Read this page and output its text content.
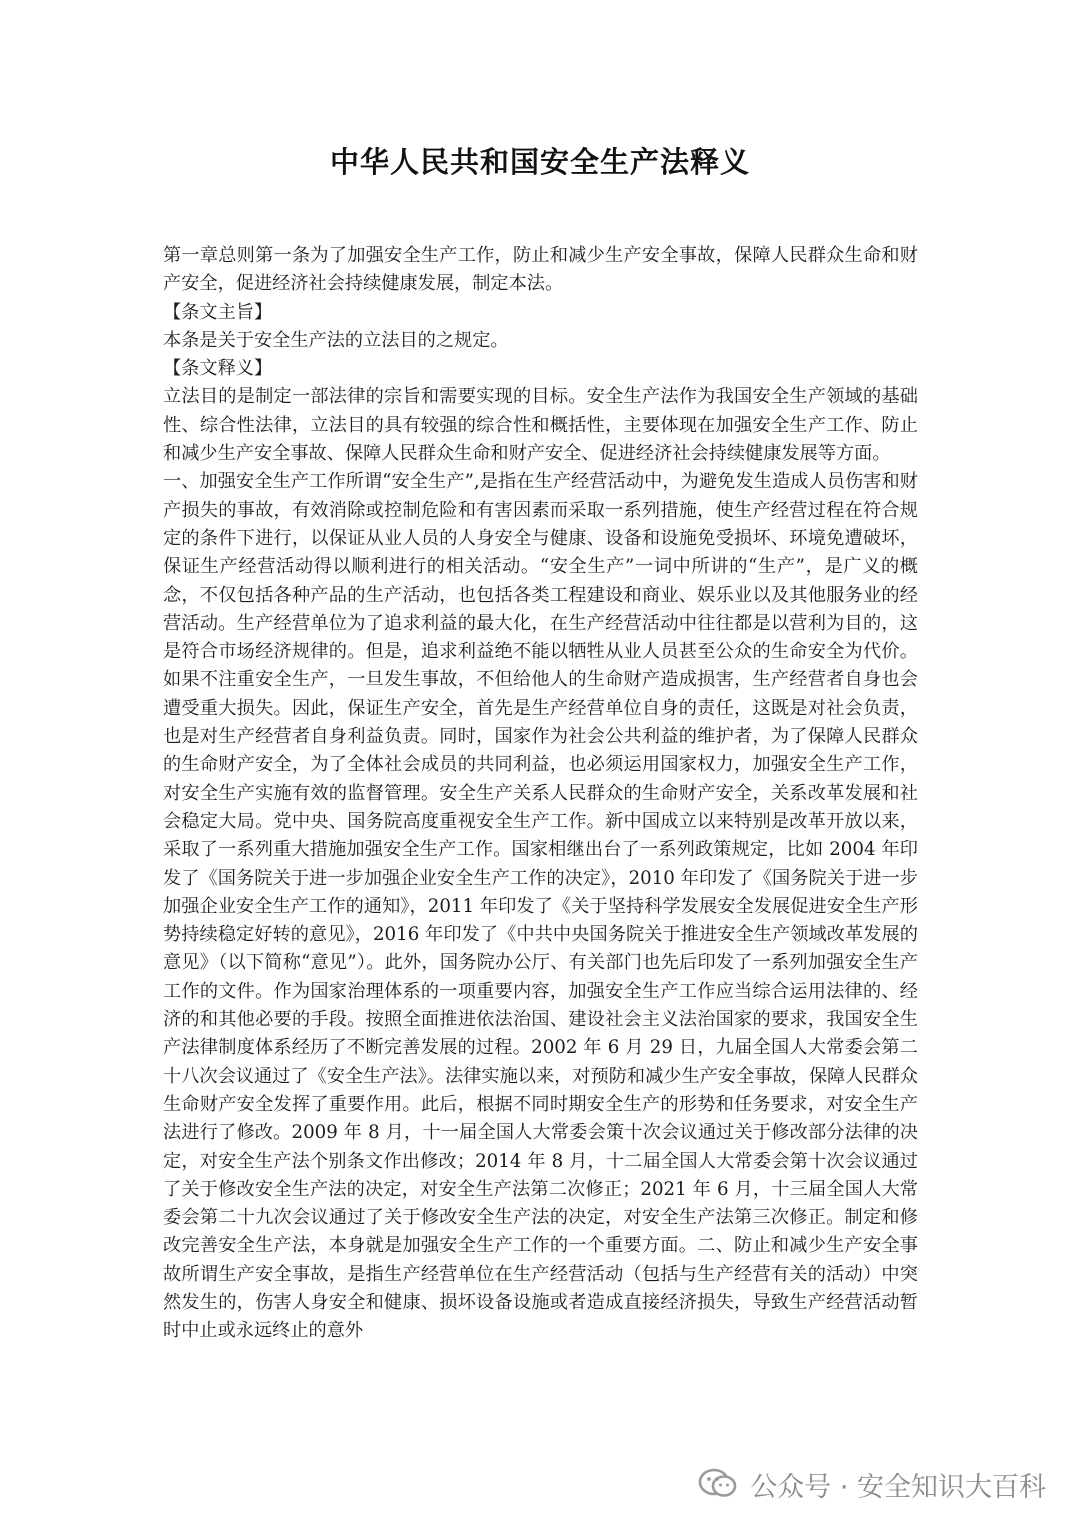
中华人民共和国安全生产法释义

第一章总则第一条为了加强安全生产工作，防止和减少生产安全事故，保障人民群众生命和财产安全，促进经济社会持续健康发展，制定本法。

【条文主旨】

本条是关于安全生产法的立法目的之规定。

【条文释义】

立法目的是制定一部法律的宗旨和需要实现的目标。安全生产法作为我国安全生产领域的基础性、综合性法律，立法目的具有较强的综合性和概括性，主要体现在加强安全生产工作、防止和减少生产安全事故、保障人民群众生命和财产安全、促进经济社会持续健康发展等方面。

一、加强安全生产工作所谓“安全生产”,是指在生产经营活动中，为避免发生造成人员伤害和财产损失的事故，有效消除或控制危险和有害因素而采取一系列措施，使生产经营过程在符合规定的条件下进行，以保证从业人员的人身安全与健康、设备和设施免受损坏、环境免遭破坏，保证生产经营活动得以顺利进行的相关活动。“安全生产”一词中所讲的“生产”，是广义的概念，不仅包括各种产品的生产活动，也包括各类工程建设和商业、娱乐业以及其他服务业的经营活动。生产经营单位为了追求利益的最大化，在生产经营活动中往往都是以营利为目的，这是符合市场经济规律的。但是，追求利益绝不能以牺牲从业人员甚至公众的生命安全为代价。如果不注重安全生产，一旦发生事故，不但给他人的生命财产造成损害，生产经营者自身也会遭受重大损失。因此，保证生产安全，首先是生产经营单位自身的责任，这既是对社会负责，也是对生产经营者自身利益负责。同时，国家作为社会公共利益的维护者，为了保障人民群众的生命财产安全，为了全体社会成员的共同利益，也必须运用国家权力，加强安全生产工作，对安全生产实施有效的监督管理。安全生产关系人民群众的生命财产安全，关系改革发展和社会稳定大局。党中央、国务院高度重视安全生产工作。新中国成立以来特别是改革开放以来，采取了一系列重大措施加强安全生产工作。国家相继出台了一系列政策规定，比如 2004 年印发了《国务院关于进一步加强企业安全生产工作的决定》，2010 年印发了《国务院关于进一步加强企业安全生产工作的通知》，2011 年印发了《关于坚持科学发展安全发展促进安全生产形势持续稳定好转的意见》，2016 年印发了《中共中央国务院关于推进安全生产领域改革发展的意见》（以下简称“意见”）。此外，国务院办公厅、有关部门也先后印发了一系列加强安全生产工作的文件。作为国家治理体系的一项重要内容，加强安全生产工作应当综合运用法律的、经济的和其他必要的手段。按照全面推进依法治国、建设社会主义法治国家的要求，我国安全生产法律制度体系经历了不断完善发展的过程。2002 年 6 月 29 日，九届全国人大常委会第二十八次会议通过了《安全生产法》。法律实施以来，对预防和减少生产安全事故，保障人民群众生命财产安全发挥了重要作用。此后，根据不同时期安全生产的形势和任务要求，对安全生产法进行了修改。2009 年 8 月，十一届全国人大常委会策十次会议通过关于修改部分法律的决定，对安全生产法个别条文作出修改；2014 年 8 月，十二届全国人大常委会第十次会议通过了关于修改安全生产法的决定，对安全生产法第二次修正；2021 年 6 月，十三届全国人大常委会第二十九次会议通过了关于修改安全生产法的决定，对安全生产法第三次修正。制定和修改完善安全生产法，本身就是加强安全生产工作的一个重要方面。二、防止和减少生产安全事故所谓生产安全事故，是指生产经营单位在生产经营活动（包括与生产经营有关的活动）中突然发生的，伤害人身安全和健康、损坏设备设施或者造成直接经济损失，导致生产经营活动暂时中止或永远终止的意外

公众号 · 安全知识大百科
